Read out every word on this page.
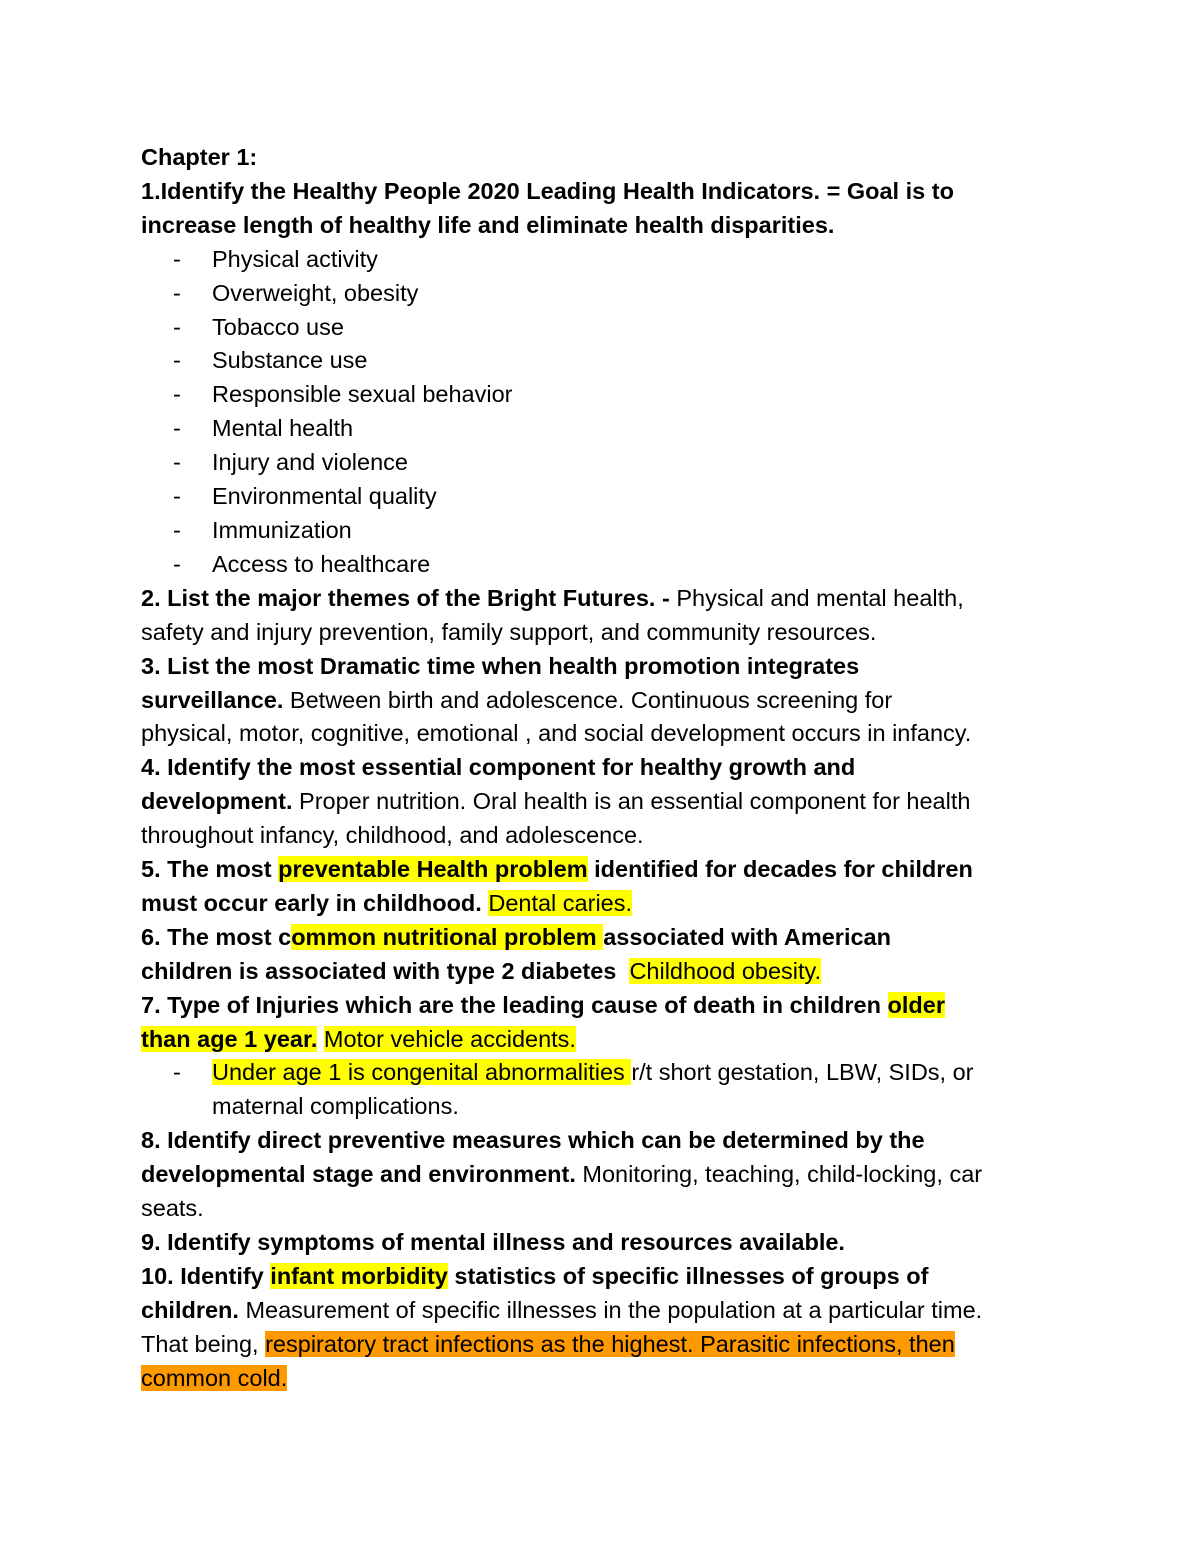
Chapter 1:
1.Identify the Healthy People 2020 Leading Health Indicators. = Goal is to
increase length of healthy life and eliminate health disparities.
- Physical activity
- Overweight, obesity
- Tobacco use
- Substance use
- Responsible sexual behavior
- Mental health
- Injury and violence
- Environmental quality
- Immunization
- Access to healthcare
2. List the major themes of the Bright Futures. - Physical and mental health,
safety and injury prevention, family support, and community resources.
3. List the most Dramatic time when health promotion integrates
surveillance. Between birth and adolescence. Continuous screening for
physical, motor, cognitive, emotional , and social development occurs in infancy.
4. Identify the most essential component for healthy growth and
development. Proper nutrition. Oral health is an essential component for health
throughout infancy, childhood, and adolescence.
5. The most preventable Health problem identified for decades for children
must occur early in childhood. Dental caries.
6. The most common nutritional problem associated with American
children is associated with type 2 diabetes  Childhood obesity.
7. Type of Injuries which are the leading cause of death in children older
than age 1 year. Motor vehicle accidents.
- Under age 1 is congenital abnormalities r/t short gestation, LBW, SIDs, or
maternal complications.
8. Identify direct preventive measures which can be determined by the
developmental stage and environment. Monitoring, teaching, child-locking, car
seats.
9. Identify symptoms of mental illness and resources available.
10. Identify infant morbidity statistics of specific illnesses of groups of
children. Measurement of specific illnesses in the population at a particular time.
That being, respiratory tract infections as the highest. Parasitic infections, then
common cold.
